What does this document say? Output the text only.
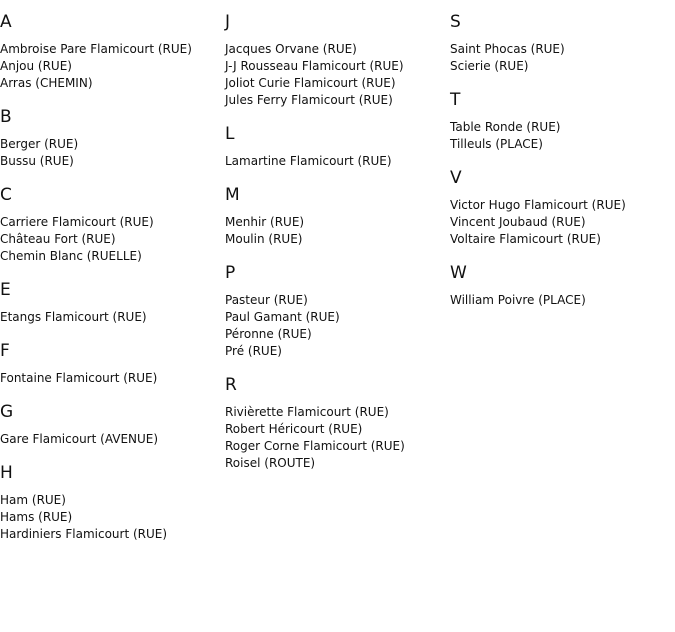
A
Ambroise Pare Flamicourt (RUE)
Anjou (RUE)
Arras (CHEMIN)
B
Berger (RUE)
Bussu (RUE)
C
Carriere Flamicourt (RUE)
Château Fort (RUE)
Chemin Blanc (RUELLE)
E
Etangs Flamicourt (RUE)
F
Fontaine Flamicourt (RUE)
G
Gare Flamicourt (AVENUE)
H
Ham (RUE)
Hams (RUE)
Hardiniers Flamicourt (RUE)
J
Jacques Orvane (RUE)
J-J Rousseau Flamicourt (RUE)
Joliot Curie Flamicourt (RUE)
Jules Ferry Flamicourt (RUE)
L
Lamartine Flamicourt (RUE)
M
Menhir (RUE)
Moulin (RUE)
P
Pasteur (RUE)
Paul Gamant (RUE)
Péronne (RUE)
Pré (RUE)
R
Rivièrette Flamicourt (RUE)
Robert Héricourt (RUE)
Roger Corne Flamicourt (RUE)
Roisel (ROUTE)
S
Saint Phocas (RUE)
Scierie (RUE)
T
Table Ronde (RUE)
Tilleuls (PLACE)
V
Victor Hugo Flamicourt (RUE)
Vincent Joubaud (RUE)
Voltaire Flamicourt (RUE)
W
William Poivre (PLACE)
